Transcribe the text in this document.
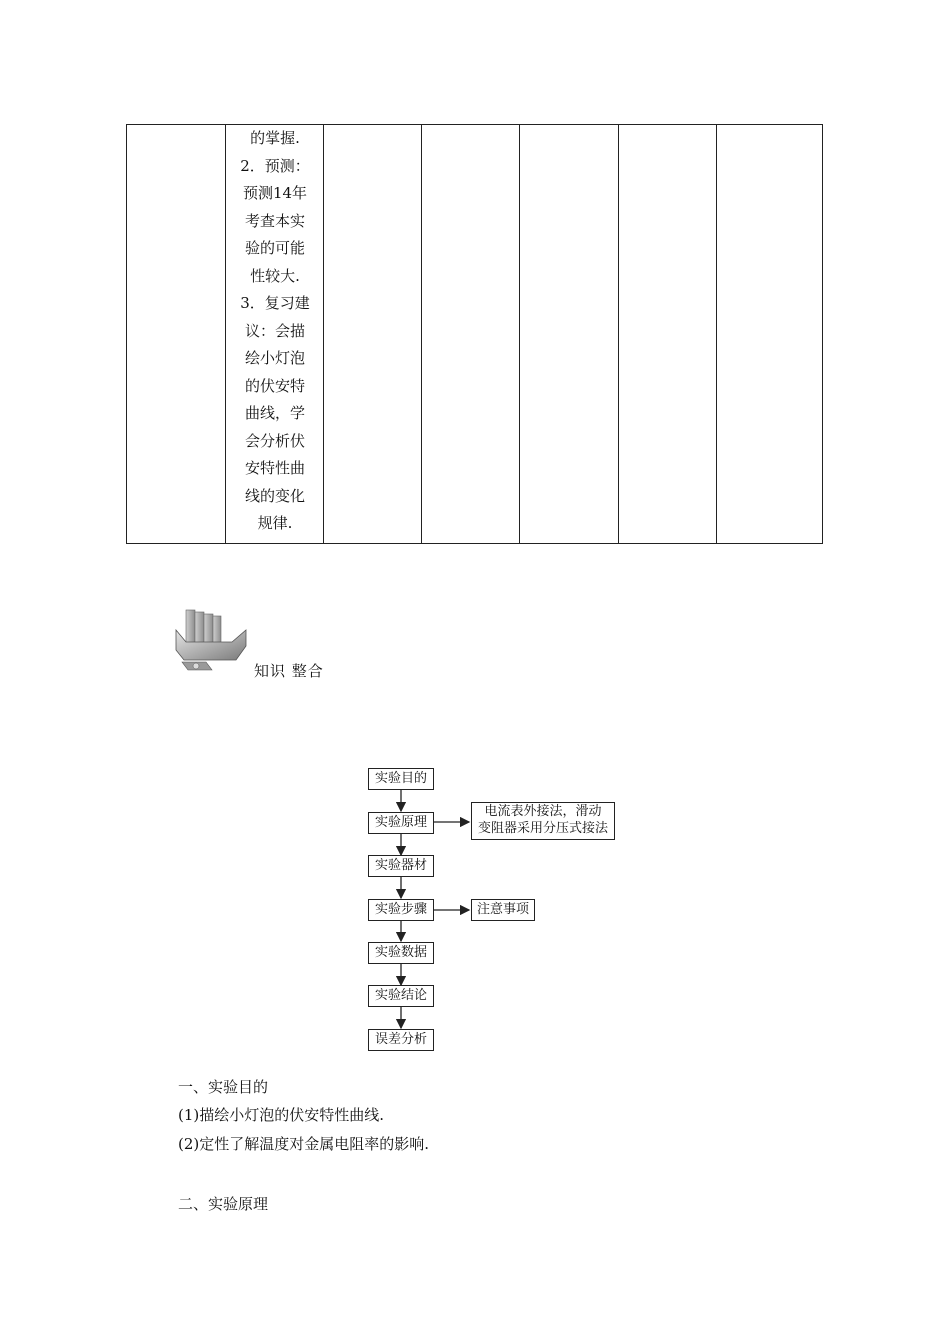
的掌握.
2．预测：
预测14年
考查本实
验的可能
性较大.
3．复习建
议：会描
绘小灯泡
的伏安特
曲线，学
会分析伏
安特性曲
线的变化
规律.
知识 整合
实验目的
实验原理
实验器材
实验步骤
实验数据
实验结论
误差分析
电流表外接法，滑动
变阻器采用分压式接法
注意事项
一、实验目的
(1)描绘小灯泡的伏安特性曲线.
(2)定性了解温度对金属电阻率的影响.
二、实验原理
